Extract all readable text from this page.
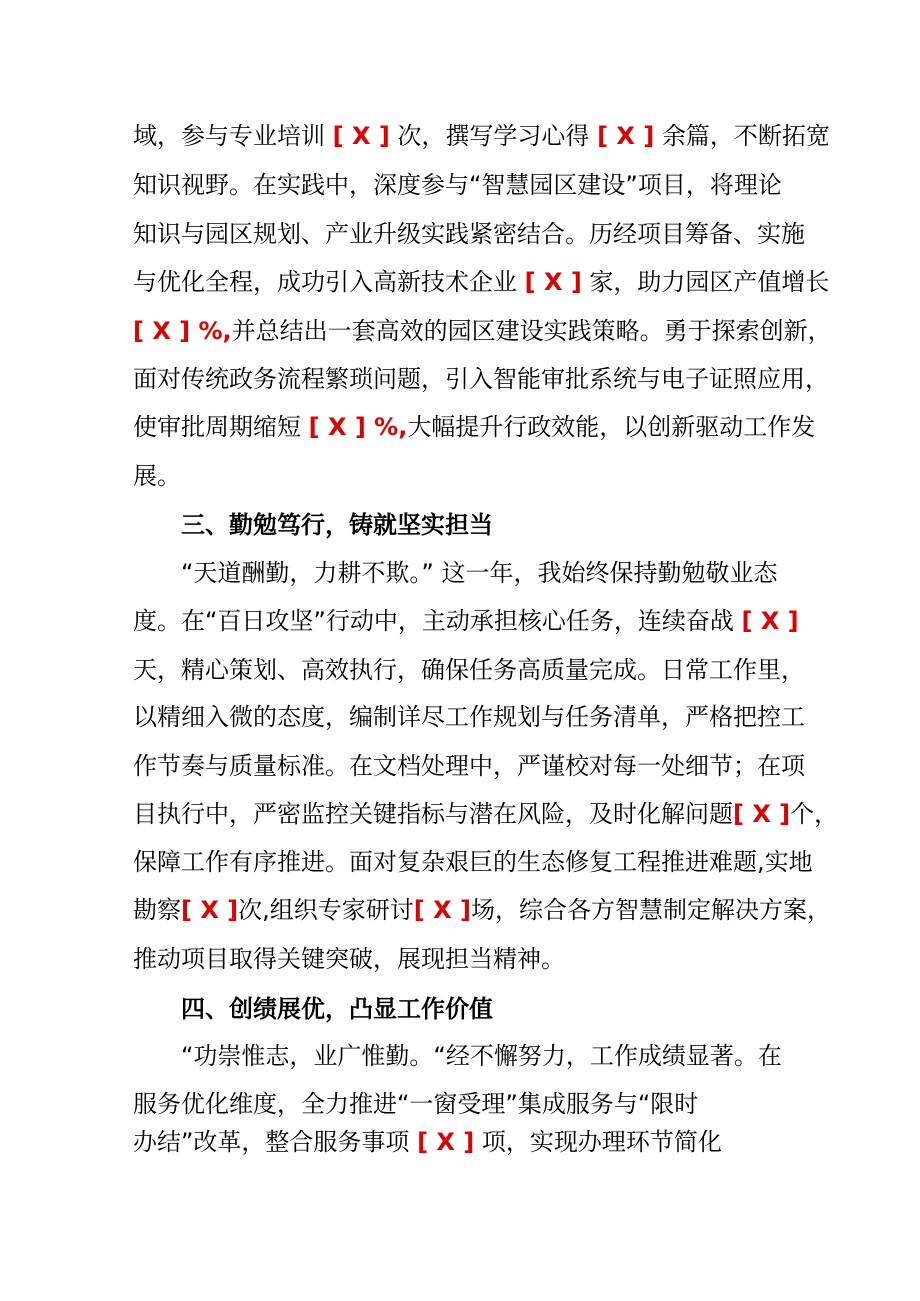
域，参与专业培训 [ X ] 次，撰写学习心得 [ X ] 余篇，不断拓宽
知识视野。在实践中，深度参与“智慧园区建设”项目，将理论
知识与园区规划、产业升级实践紧密结合。历经项目筹备、实施
与优化全程，成功引入高新技术企业 [ X ] 家，助力园区产值增长
[ X ] %,并总结出一套高效的园区建设实践策略。勇于探索创新，
面对传统政务流程繁琐问题，引入智能审批系统与电子证照应用，
使审批周期缩短 [ X ] %,大幅提升行政效能，以创新驱动工作发
展。
三、勤勉笃行，铸就坚实担当
“天道酬勤，力耕不欺。” 这一年，我始终保持勤勉敬业态
度。在“百日攻坚”行动中，主动承担核心任务，连续奋战 [ X ]
天，精心策划、高效执行，确保任务高质量完成。日常工作里，
以精细入微的态度，编制详尽工作规划与任务清单，严格把控工
作节奏与质量标准。在文档处理中，严谨校对每一处细节；在项
目执行中，严密监控关键指标与潜在风险，及时化解问题[ X ]个，
保障工作有序推进。面对复杂艰巨的生态修复工程推进难题,实地
勘察[ X ]次,组织专家研讨[ X ]场，综合各方智慧制定解决方案，
推动项目取得关键突破，展现担当精神。
四、创绩展优，凸显工作价值
“功崇惟志，业广惟勤。“经不懈努力，工作成绩显著。在
服务优化维度，全力推进“一窗受理”集成服务与“限时
办结”改革，整合服务事项 [ X ] 项，实现办理环节简化
